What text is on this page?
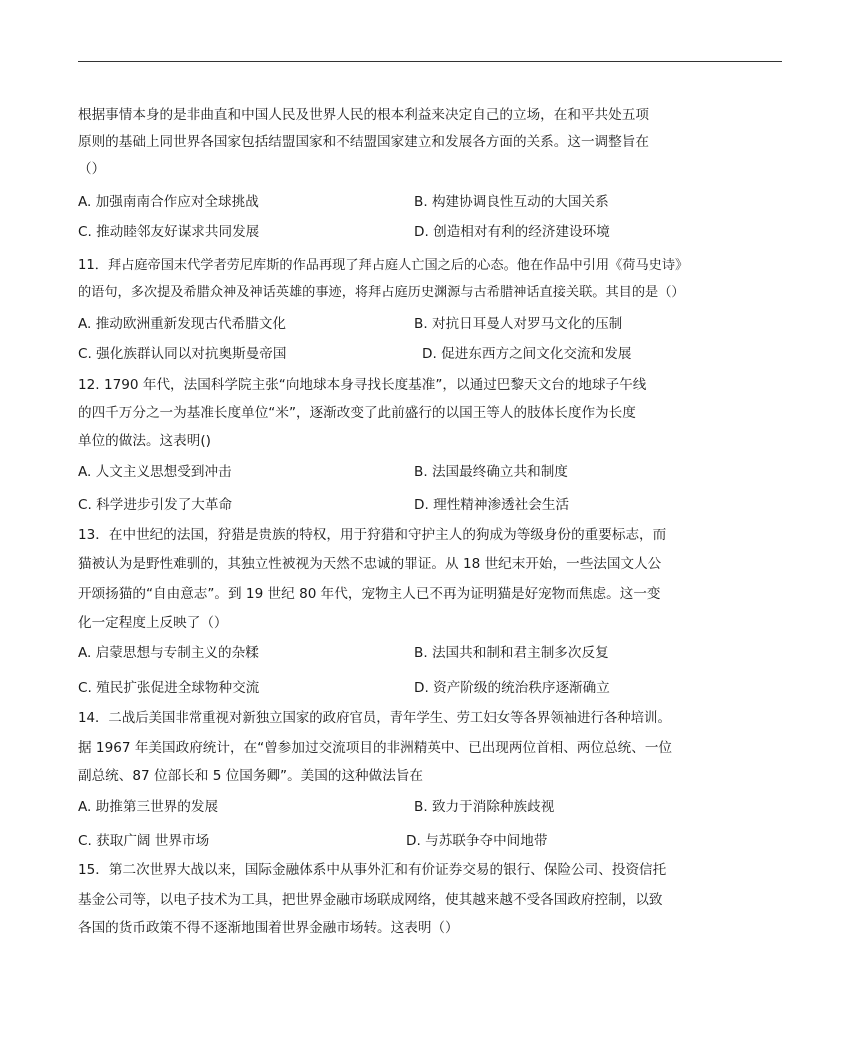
根据事情本身的是非曲直和中国人民及世界人民的根本利益来决定自己的立场，在和平共处五项
原则的基础上同世界各国家包括结盟国家和不结盟国家建立和发展各方面的关系。这一调整旨在
（）
A. 加强南南合作应对全球挑战	B. 构建协调良性互动的大国关系
C. 推动睦邻友好谋求共同发展	D. 创造相对有利的经济建设环境
11．拜占庭帝国末代学者劳尼库斯的作品再现了拜占庭人亡国之后的心态。他在作品中引用《荷马史诗》
的语句，多次提及希腊众神及神话英雄的事迹，将拜占庭历史渊源与古希腊神话直接关联。其目的是（）
A. 推动欧洲重新发现古代希腊文化	B. 对抗日耳曼人对罗马文化的压制
C. 强化族群认同以对抗奥斯曼帝国	D. 促进东西方之间文化交流和发展
12. 1790 年代，法国科学院主张“向地球本身寻找长度基准”，以通过巴黎天文台的地球子午线
的四千万分之一为基准长度单位“米”，逐渐改变了此前盛行的以国王等人的肢体长度作为长度
单位的做法。这表明()
A. 人文主义思想受到冲击	B. 法国最终确立共和制度
C. 科学进步引发了大革命	D. 理性精神渗透社会生活
13．在中世纪的法国，狩猎是贵族的特权，用于狩猎和守护主人的狗成为等级身份的重要标志，而
猫被认为是野性难驯的，其独立性被视为天然不忠诚的罪证。从 18 世纪末开始，一些法国文人公
开颂扬猫的“自由意志”。到 19 世纪 80 年代，宠物主人已不再为证明猫是好宠物而焦虑。这一变
化一定程度上反映了（）
A. 启蒙思想与专制主义的杂糅	B. 法国共和制和君主制多次反复
C. 殖民扩张促进全球物种交流	D. 资产阶级的统治秩序逐渐确立
14．二战后美国非常重视对新独立国家的政府官员，青年学生、劳工妇女等各界领袖进行各种培训。
据 1967 年美国政府统计，在“曾参加过交流项目的非洲精英中、已出现两位首相、两位总统、一位
副总统、87 位部长和 5 位国务卿”。美国的这种做法旨在
A. 助推第三世界的发展	B. 致力于消除种族歧视
C. 获取广阔 世界市场	D. 与苏联争夺中间地带
15．第二次世界大战以来，国际金融体系中从事外汇和有价证券交易的银行、保险公司、投资信托
基金公司等，以电子技术为工具，把世界金融市场联成网络，使其越来越不受各国政府控制，以致
各国的货币政策不得不逐渐地围着世界金融市场转。这表明（）
